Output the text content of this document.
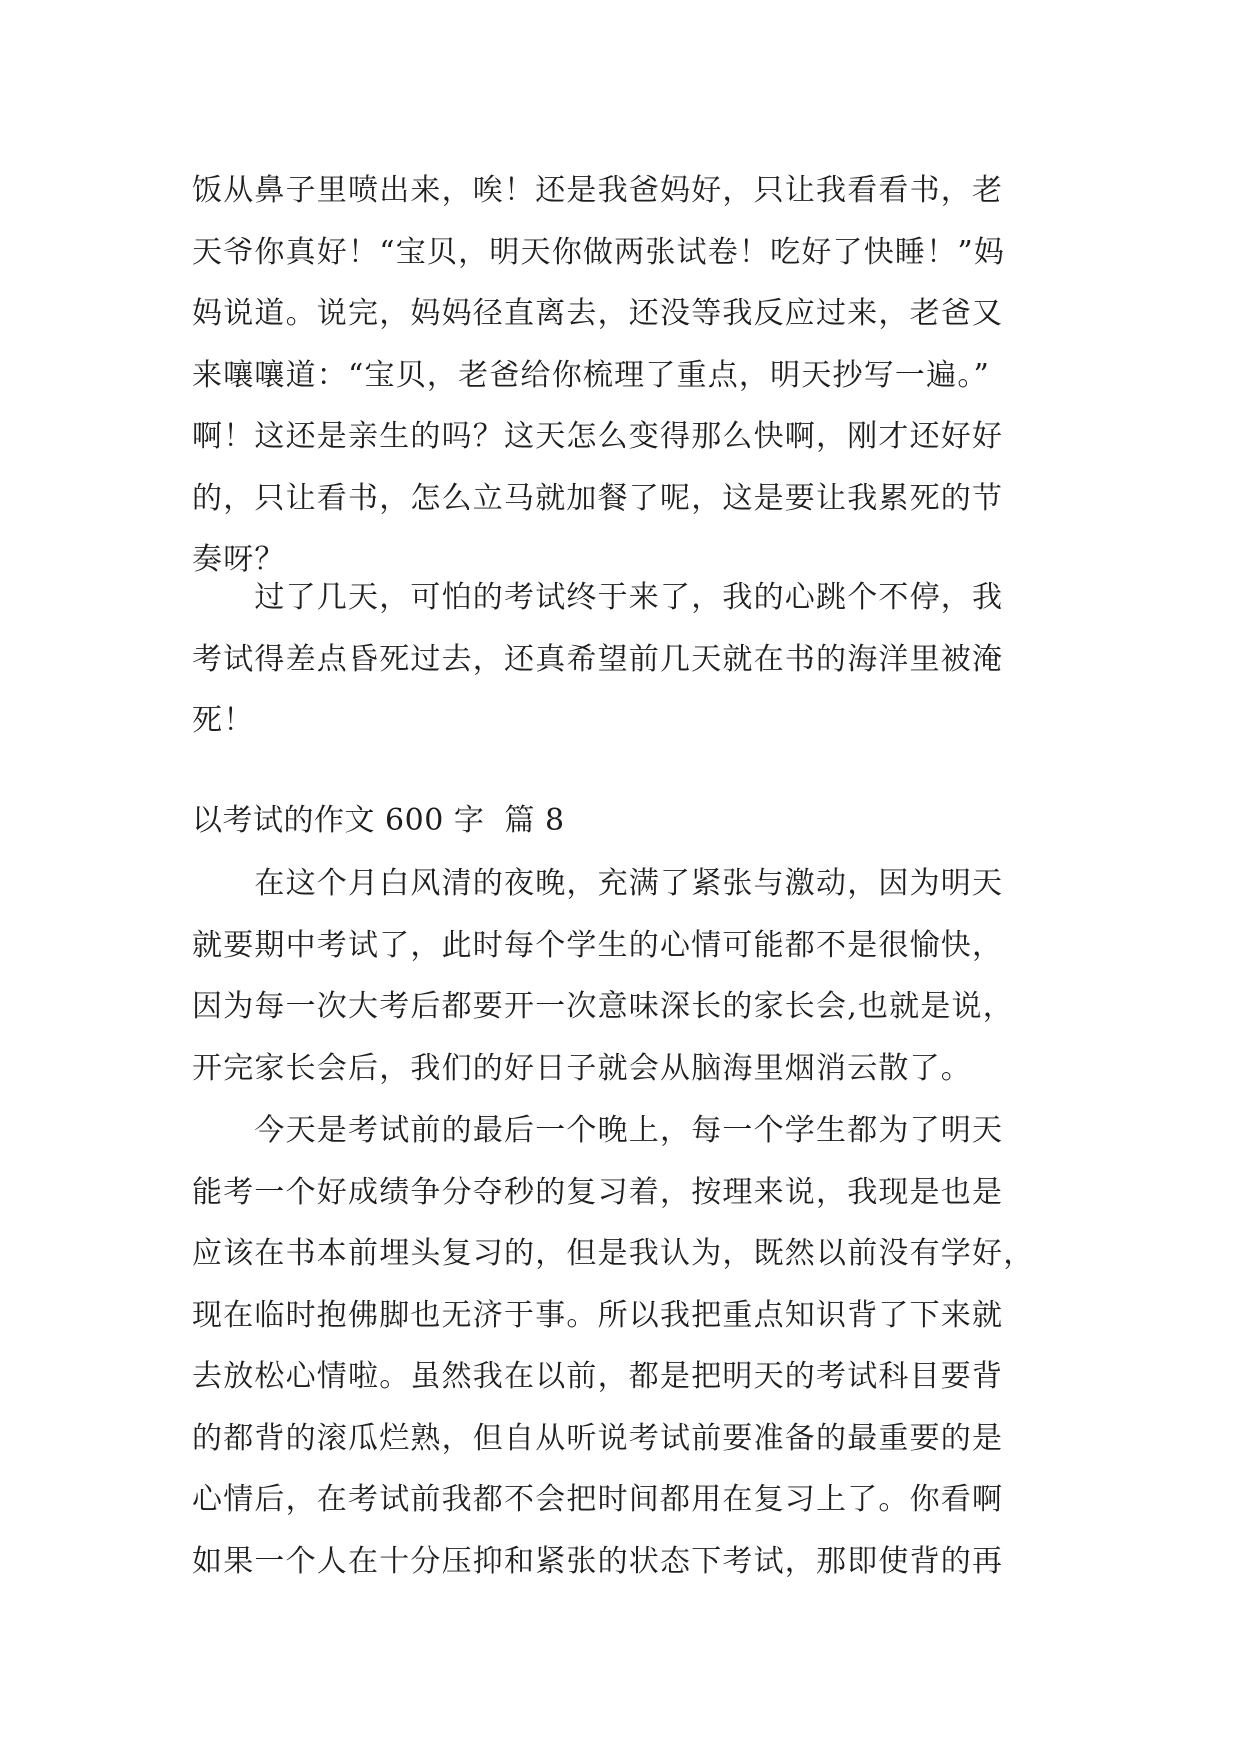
饭从鼻子里喷出来，唉！还是我爸妈好，只让我看看书，老
天爷你真好！“宝贝，明天你做两张试卷！吃好了快睡！”妈
妈说道。说完，妈妈径直离去，还没等我反应过来，老爸又
来嚷嚷道：“宝贝，老爸给你梳理了重点，明天抄写一遍。”
啊！这还是亲生的吗？这天怎么变得那么快啊，刚才还好好
的，只让看书，怎么立马就加餐了呢，这是要让我累死的节
奏呀？
　　过了几天，可怕的考试终于来了，我的心跳个不停，我
考试得差点昏死过去，还真希望前几天就在书的海洋里被淹
死！
以考试的作文 600 字  篇 8
　　在这个月白风清的夜晚，充满了紧张与激动，因为明天
就要期中考试了，此时每个学生的心情可能都不是很愉快，
因为每一次大考后都要开一次意味深长的家长会,也就是说，
开完家长会后，我们的好日子就会从脑海里烟消云散了。
　　今天是考试前的最后一个晚上，每一个学生都为了明天
能考一个好成绩争分夺秒的复习着，按理来说，我现是也是
应该在书本前埋头复习的，但是我认为，既然以前没有学好，
现在临时抱佛脚也无济于事。所以我把重点知识背了下来就
去放松心情啦。虽然我在以前，都是把明天的考试科目要背
的都背的滚瓜烂熟，但自从听说考试前要准备的最重要的是
心情后，在考试前我都不会把时间都用在复习上了。你看啊
如果一个人在十分压抑和紧张的状态下考试，那即使背的再
